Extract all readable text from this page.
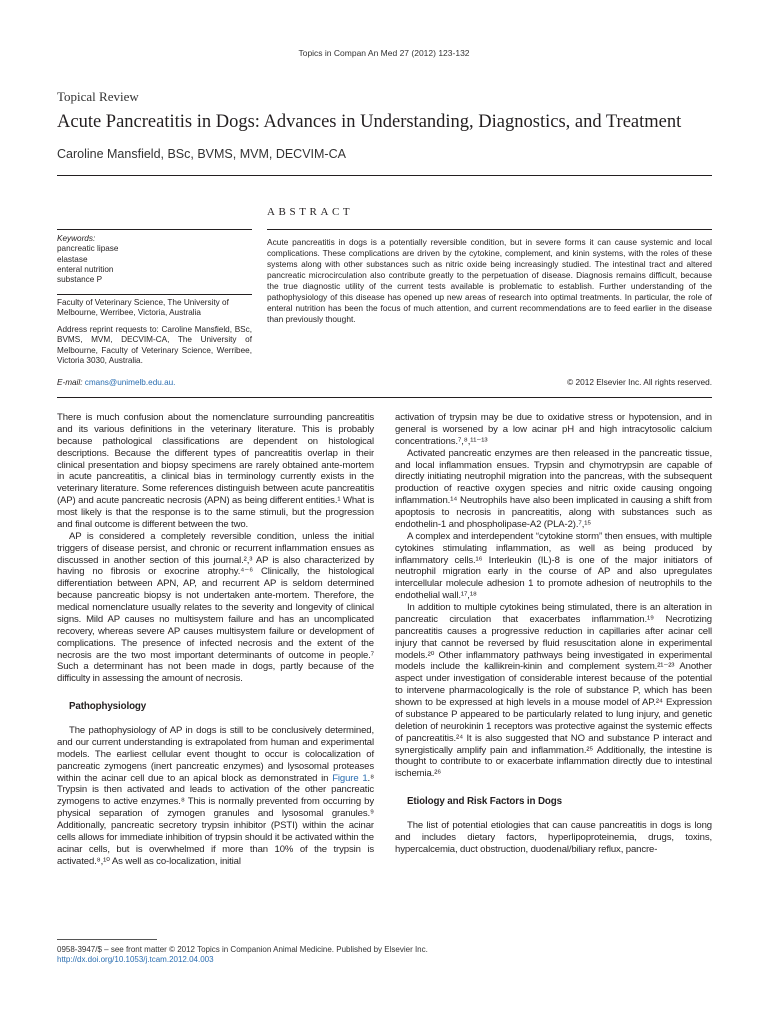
Topics in Compan An Med 27 (2012) 123-132
Topical Review
Acute Pancreatitis in Dogs: Advances in Understanding, Diagnostics, and Treatment
Caroline Mansfield, BSc, BVMS, MVM, DECVIM-CA
ABSTRACT
Keywords:
pancreatic lipase
elastase
enteral nutrition
substance P
Faculty of Veterinary Science, The University of Melbourne, Werribee, Victoria, Australia
Address reprint requests to: Caroline Mansfield, BSc, BVMS, MVM, DECVIM-CA, The University of Melbourne, Faculty of Veterinary Science, Werribee, Victoria 3030, Australia.
E-mail: cmans@unimelb.edu.au.
Acute pancreatitis in dogs is a potentially reversible condition, but in severe forms it can cause systemic and local complications. These complications are driven by the cytokine, complement, and kinin systems, with the roles of these systems along with other substances such as nitric oxide being increasingly studied. The intestinal tract and altered pancreatic microcirculation also contribute greatly to the perpetuation of disease. Diagnosis remains difficult, because the true diagnostic utility of the current tests available is problematic to establish. Further understanding of the pathophysiology of this disease has opened up new areas of research into optimal treatments. In particular, the role of enteral nutrition has been the focus of much attention, and current recommendations are to feed earlier in the disease than previously thought.
© 2012 Elsevier Inc. All rights reserved.

There is much confusion about the nomenclature surrounding pancreatitis and its various definitions in the veterinary literature. This is probably because pathological classifications are dependent on histological descriptions. Because the different types of pancreatitis overlap in their clinical presentation and biopsy specimens are rarely obtained ante-mortem in acute pancreatitis, a clinical bias in terminology currently exists in the veterinary literature. Some references distinguish between acute pancreatitis (AP) and acute pancreatic necrosis (APN) as being different entities.¹ What is most likely is that the response is to the same stimuli, but the progression and final outcome is different between the two.

AP is considered a completely reversible condition, unless the initial triggers of disease persist, and chronic or recurrent inflammation ensues as discussed in another section of this journal.²,³ AP is also characterized by having no fibrosis or exocrine atrophy.⁴⁻⁶ Clinically, the histological differentiation between APN, AP, and recurrent AP is seldom determined because pancreatic biopsy is not undertaken ante-mortem. Therefore, the medical nomenclature usually relates to the severity and longevity of clinical signs. Mild AP causes no multisystem failure and has an uncomplicated recovery, whereas severe AP causes multisystem failure or development of complications. The presence of infected necrosis and the extent of the necrosis are the two most important determinants of outcome in people.⁷ Such a determinant has not been made in dogs, partly because of the difficulty in assessing the amount of necrosis.

Pathophysiology

The pathophysiology of AP in dogs is still to be conclusively determined, and our current understanding is extrapolated from human and experimental models. The earliest cellular event thought to occur is colocalization of pancreatic zymogens (inert pancreatic enzymes) and lysosomal proteases within the acinar cell due to an apical block as demonstrated in Figure 1.⁸ Trypsin is then activated and leads to activation of the other pancreatic zymogens to active enzymes.⁸ This is normally prevented from occurring by physical separation of zymogen granules and lysosomal granules.⁹ Additionally, pancreatic secretory trypsin inhibitor (PSTI) within the acinar cells allows for immediate inhibition of trypsin should it be activated within the acinar cells, but is overwhelmed if more than 10% of the trypsin is activated.⁸,¹⁰ As well as co-localization, initial

activation of trypsin may be due to oxidative stress or hypotension, and in general is worsened by a low acinar pH and high intracytosolic calcium concentrations.⁷,⁸,¹¹⁻¹³

Activated pancreatic enzymes are then released in the pancreatic tissue, and local inflammation ensues. Trypsin and chymotrypsin are capable of directly initiating neutrophil migration into the pancreas, with the subsequent production of reactive oxygen species and nitric oxide causing ongoing inflammation.¹⁴ Neutrophils have also been implicated in causing a shift from apoptosis to necrosis in pancreatitis, along with substances such as endothelin-1 and phospholipase-A2 (PLA-2).⁷,¹⁵

A complex and interdependent “cytokine storm” then ensues, with multiple cytokines stimulating inflammation, as well as being produced by inflammatory cells.¹⁶ Interleukin (IL)-8 is one of the major initiators of neutrophil migration early in the course of AP and also upregulates intercellular molecule adhesion 1 to promote adhesion of neutrophils to the endothelial wall.¹⁷,¹⁸

In addition to multiple cytokines being stimulated, there is an alteration in pancreatic circulation that exacerbates inflammation.¹⁹ Necrotizing pancreatitis causes a progressive reduction in capillaries after acinar cell injury that cannot be reversed by fluid resuscitation alone in experimental models.²⁰ Other inflammatory pathways being investigated in experimental models include the kallikrein-kinin and complement system.²¹⁻²³ Another aspect under investigation of considerable interest because of the potential to intervene pharmacologically is the role of substance P, which has been shown to be expressed at high levels in a mouse model of AP.²⁴ Expression of substance P appeared to be particularly related to lung injury, and genetic deletion of neurokinin 1 receptors was protective against the systemic effects of pancreatitis.²⁴ It is also suggested that NO and substance P interact and synergistically amplify pain and inflammation.²⁵ Additionally, the intestine is thought to contribute to or exacerbate inflammation directly due to intestinal ischemia.²⁶

Etiology and Risk Factors in Dogs

The list of potential etiologies that can cause pancreatitis in dogs is long and includes dietary factors, hyperlipoproteinemia, drugs, toxins, hypercalcemia, duct obstruction, duodenal/biliary reflux, pancre-

0958-3947/$ – see front matter © 2012 Topics in Companion Animal Medicine. Published by Elsevier Inc.
http://dx.doi.org/10.1053/j.tcam.2012.04.003
